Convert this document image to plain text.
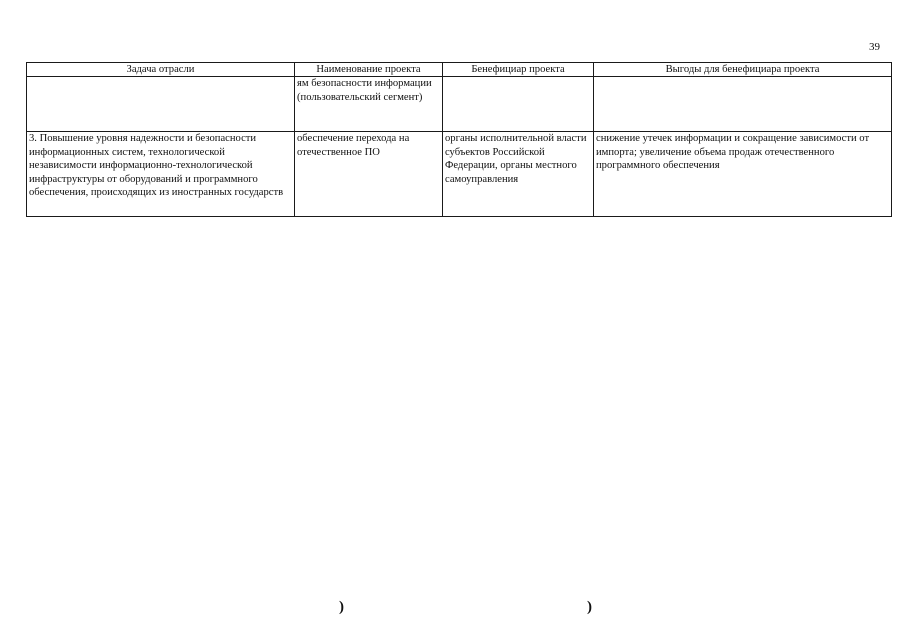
39
Задача отрасли	Наименование проекта	Бенефициар проекта	Выгоды для бенефициара проекта

	ям безопасности информации (пользовательский сегмент)		

3. Повышение уровня надежности и безопасности информационных систем, технологической независимости информационно-технологической инфраструктуры от оборудований и программного обеспечения, происходящих из иностранных государств	обеспечение перехода на отечественное ПО	органы исполнительной власти субъектов Российской Федерации, органы местного самоуправления	снижение утечек информации и сокращение зависимости от импорта; увеличение объема продаж отечественного программного обеспечения
)	)
